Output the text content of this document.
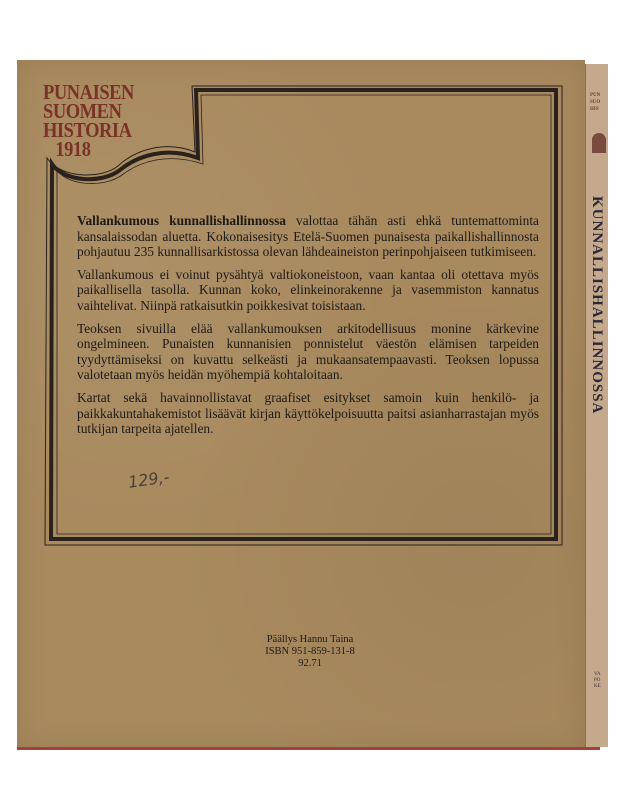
PUN
SUO
HIS
KUNNALLISHALLINNOSSA
VA
PO
KE
PUNAISEN
SUOMEN
HISTORIA
1918

Vallankumous kunnallishallinnossa valottaa tähän asti ehkä tuntemattominta kansalaissodan aluetta. Kokonaisesitys Etelä-Suomen punaisesta paikallishallinnosta pohjautuu 235 kunnallisarkistossa olevan lähdeaineiston perinpohjaiseen tutkimiseen.

Vallankumous ei voinut pysähtyä valtiokoneistoon, vaan kantaa oli otettava myös paikallisella tasolla. Kunnan koko, elinkeinorakenne ja vasemmiston kannatus vaihtelivat. Niinpä ratkaisutkin poikkesivat toisistaan.

Teoksen sivuilla elää vallankumouksen arkitodellisuus monine kärkevine ongelmineen. Punaisten kunnanisien ponnistelut väestön elämisen tarpeiden tyydyttämiseksi on kuvattu selkeästi ja mukaansatempaavasti. Teoksen lopussa valotetaan myös heidän myöhempiä kohtaloitaan.

Kartat sekä havainnollistavat graafiset esitykset samoin kuin henkilö- ja paikkakuntahakemistot lisäävät kirjan käyttökelpoisuutta paitsi asianharrastajan myös tutkijan tarpeita ajatellen.

129,-
Päällys Hannu Taina
ISBN 951-859-131-8
92.71
